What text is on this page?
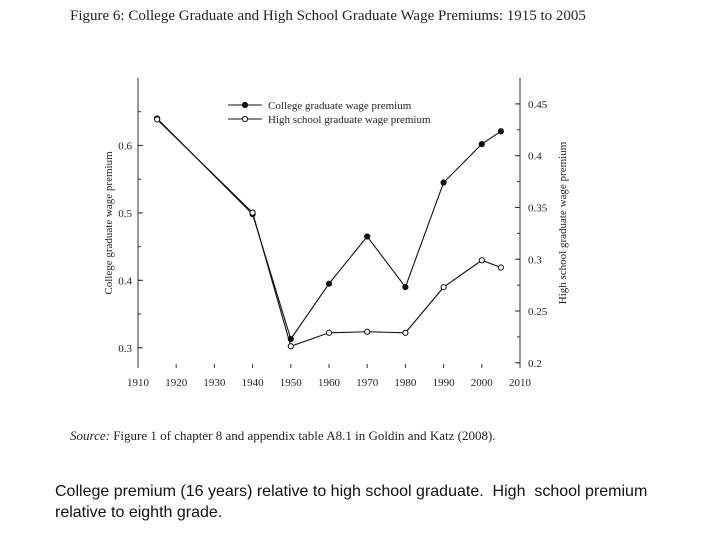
Figure 6: College Graduate and High School Graduate Wage Premiums: 1915 to 2005
0.3
0.4
0.5
0.6
0.2
0.25
0.3
0.35
0.4
0.45
1910 1920 1930 1940 1950 1960 1970 1980 1990 2000 2010
College graduate wage premium	High school graduate wage premium
College graduate wage premium
High school graduate wage premium
Source: Figure 1 of chapter 8 and appendix table A8.1 in Goldin and Katz (2008).
College premium (16 years) relative to high school graduate.  High  school premium relative to eighth grade.
